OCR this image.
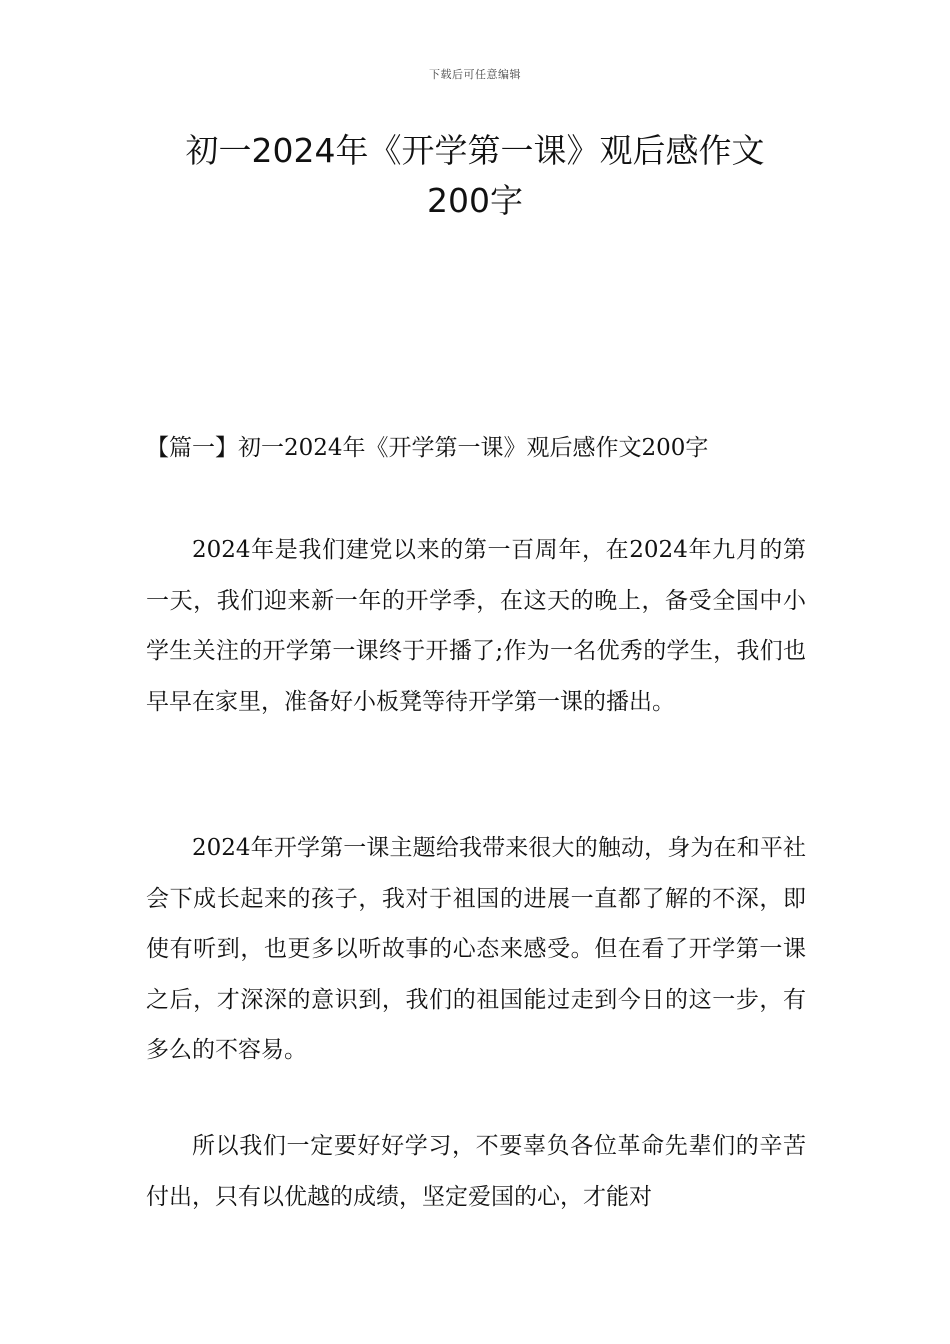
下载后可任意编辑
初一2024年《开学第一课》观后感作文
200字
【篇一】初一2024年《开学第一课》观后感作文200字

2024年是我们建党以来的第一百周年，在2024年九月的第一天，我们迎来新一年的开学季，在这天的晚上，备受全国中小学生关注的开学第一课终于开播了;作为一名优秀的学生，我们也早早在家里，准备好小板凳等待开学第一课的播出。

2024年开学第一课主题给我带来很大的触动，身为在和平社会下成长起来的孩子，我对于祖国的进展一直都了解的不深，即使有听到，也更多以听故事的心态来感受。但在看了开学第一课之后，才深深的意识到，我们的祖国能过走到今日的这一步，有多么的不容易。

所以我们一定要好好学习，不要辜负各位革命先辈们的辛苦付出，只有以优越的成绩，坚定爱国的心，才能对
